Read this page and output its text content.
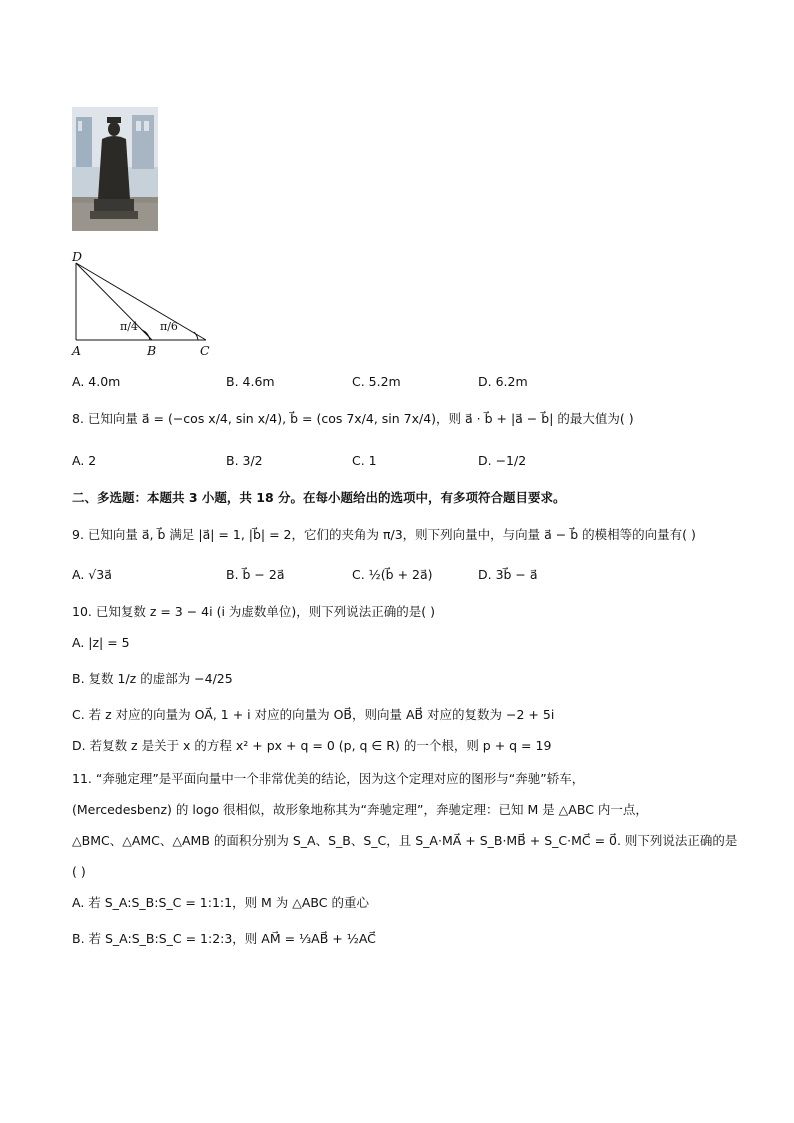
D
A	B	C
π/4 π/6
A. 4.0m	B. 4.6m	C. 5.2m	D. 6.2m
8. 已知向量 a⃗ = (−cos x/4, sin x/4), b⃗ = (cos 7x/4, sin 7x/4)，则 a⃗ · b⃗ + |a⃗ − b⃗| 的最大值为( )
A. 2	B. 3/2	C. 1	D. −1/2
二、多选题：本题共 3 小题，共 18 分。在每小题给出的选项中，有多项符合题目要求。
9. 已知向量 a⃗, b⃗ 满足 |a⃗| = 1, |b⃗| = 2，它们的夹角为 π/3，则下列向量中，与向量 a⃗ − b⃗ 的模相等的向量有( )
A. √3a⃗	B. b⃗ − 2a⃗	C. ½(b⃗ + 2a⃗)	D. 3b⃗ − a⃗
10. 已知复数 z = 3 − 4i (i 为虚数单位)，则下列说法正确的是( )
A. |z| = 5
B. 复数 1/z 的虚部为 −4/25
C. 若 z 对应的向量为 OA⃗, 1 + i 对应的向量为 OB⃗，则向量 AB⃗ 对应的复数为 −2 + 5i
D. 若复数 z 是关于 x 的方程 x² + px + q = 0 (p, q ∈ R) 的一个根，则 p + q = 19
11. “奔驰定理”是平面向量中一个非常优美的结论，因为这个定理对应的图形与“奔驰”轿车，
(Mercedesbenz) 的 logo 很相似，故形象地称其为“奔驰定理”，奔驰定理：已知 M 是 △ABC 内一点，
△BMC、△AMC、△AMB 的面积分别为 S_A、S_B、S_C，且 S_A·MA⃗ + S_B·MB⃗ + S_C·MC⃗ = 0⃗. 则下列说法正确的是
( )
A. 若 S_A:S_B:S_C = 1:1:1，则 M 为 △ABC 的重心
B. 若 S_A:S_B:S_C = 1:2:3，则 AM⃗ = ⅓AB⃗ + ½AC⃗
